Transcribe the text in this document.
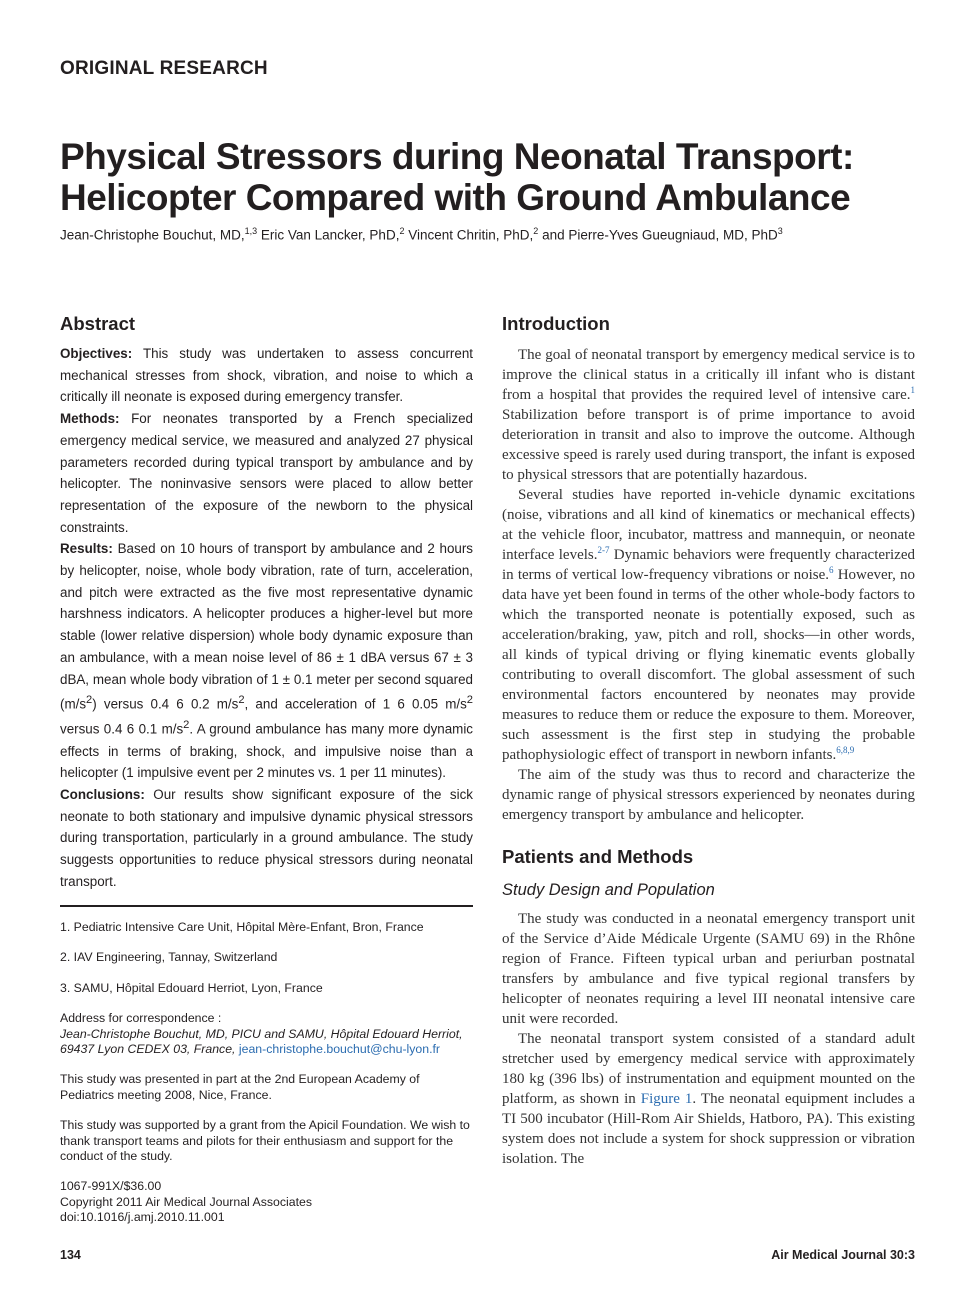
ORIGINAL RESEARCH
Physical Stressors during Neonatal Transport:
Helicopter Compared with Ground Ambulance
Jean-Christophe Bouchut, MD,$^{1,3}$ Eric Van Lancker, PhD,$^2$ Vincent Chritin, PhD,$^2$ and Pierre-Yves Gueugniaud, MD, PhD$^3$
Abstract

Objectives: This study was undertaken to assess concurrent mechanical stresses from shock, vibration, and noise to which a critically ill neonate is exposed during emergency transfer.

Methods: For neonates transported by a French specialized emergency medical service, we measured and analyzed 27 physical parameters recorded during typical transport by ambulance and by helicopter. The noninvasive sensors were placed to allow better representation of the exposure of the newborn to the physical constraints.

Results: Based on 10 hours of transport by ambulance and 2 hours by helicopter, noise, whole body vibration, rate of turn, acceleration, and pitch were extracted as the five most representative dynamic harshness indicators. A helicopter produces a higher-level but more stable (lower relative dispersion) whole body dynamic exposure than an ambulance, with a mean noise level of 86 ± 1 dBA versus 67 ± 3 dBA, mean whole body vibration of 1 ± 0.1 meter per second squared $(m/s^2)$ versus 0.4 6 0.2 $m/s^2$, and acceleration of 1 6 0.05 $m/s^2$ versus 0.4 6 0.1 $m/s^2$. A ground ambulance has many more dynamic effects in terms of braking, shock, and impulsive noise than a helicopter (1 impulsive event per 2 minutes vs. 1 per 11 minutes).

Conclusions: Our results show significant exposure of the sick neonate to both stationary and impulsive dynamic physical stressors during transportation, particularly in a ground ambulance. The study suggests opportunities to reduce physical stressors during neonatal transport.

1. Pediatric Intensive Care Unit, Hôpital Mère-Enfant, Bron, France

2. IAV Engineering, Tannay, Switzerland

3. SAMU, Hôpital Edouard Herriot, Lyon, France

Address for correspondence :
Jean-Christophe Bouchut, MD, PICU and SAMU, Hôpital Edouard Herriot, 69437 Lyon CEDEX 03, France, jean-christophe.bouchut@chu-lyon.fr

This study was presented in part at the 2nd European Academy of Pediatrics meeting 2008, Nice, France.

This study was supported by a grant from the Apicil Foundation. We wish to thank transport teams and pilots for their enthusiasm and support for the conduct of the study.

1067-991X/$36.00
Copyright 2011 Air Medical Journal Associates
doi:10.1016/j.amj.2010.11.001

Introduction

The goal of neonatal transport by emergency medical service is to improve the clinical status in a critically ill infant who is distant from a hospital that provides the required level of intensive care.$^1$ Stabilization before transport is of prime importance to avoid deterioration in transit and also to improve the outcome. Although excessive speed is rarely used during transport, the infant is exposed to physical stressors that are potentially hazardous.

Several studies have reported in-vehicle dynamic excitations (noise, vibrations and all kind of kinematics or mechanical effects) at the vehicle floor, incubator, mattress and mannequin, or neonate interface levels.$^{2-7}$ Dynamic behaviors were frequently characterized in terms of vertical low-frequency vibrations or noise.$^6$ However, no data have yet been found in terms of the other whole-body factors to which the transported neonate is potentially exposed, such as acceleration/braking, yaw, pitch and roll, shocks—in other words, all kinds of typical driving or flying kinematic events globally contributing to overall discomfort. The global assessment of such environmental factors encountered by neonates may provide measures to reduce them or reduce the exposure to them. Moreover, such assessment is the first step in studying the probable pathophysiologic effect of transport in newborn infants.$^{6,8,9}$

The aim of the study was thus to record and characterize the dynamic range of physical stressors experienced by neonates during emergency transport by ambulance and helicopter.

Patients and Methods
Study Design and Population

The study was conducted in a neonatal emergency transport unit of the Service d’Aide Médicale Urgente (SAMU 69) in the Rhône region of France. Fifteen typical urban and periurban postnatal transfers by ambulance and five typical regional transfers by helicopter of neonates requiring a level III neonatal intensive care unit were recorded.

The neonatal transport system consisted of a standard adult stretcher used by emergency medical service with approximately 180 kg (396 lbs) of instrumentation and equipment mounted on the platform, as shown in Figure 1. The neonatal equipment includes a TI 500 incubator (Hill-Rom Air Shields, Hatboro, PA). This existing system does not include a system for shock suppression or vibration isolation. The

134	Air Medical Journal 30:3
